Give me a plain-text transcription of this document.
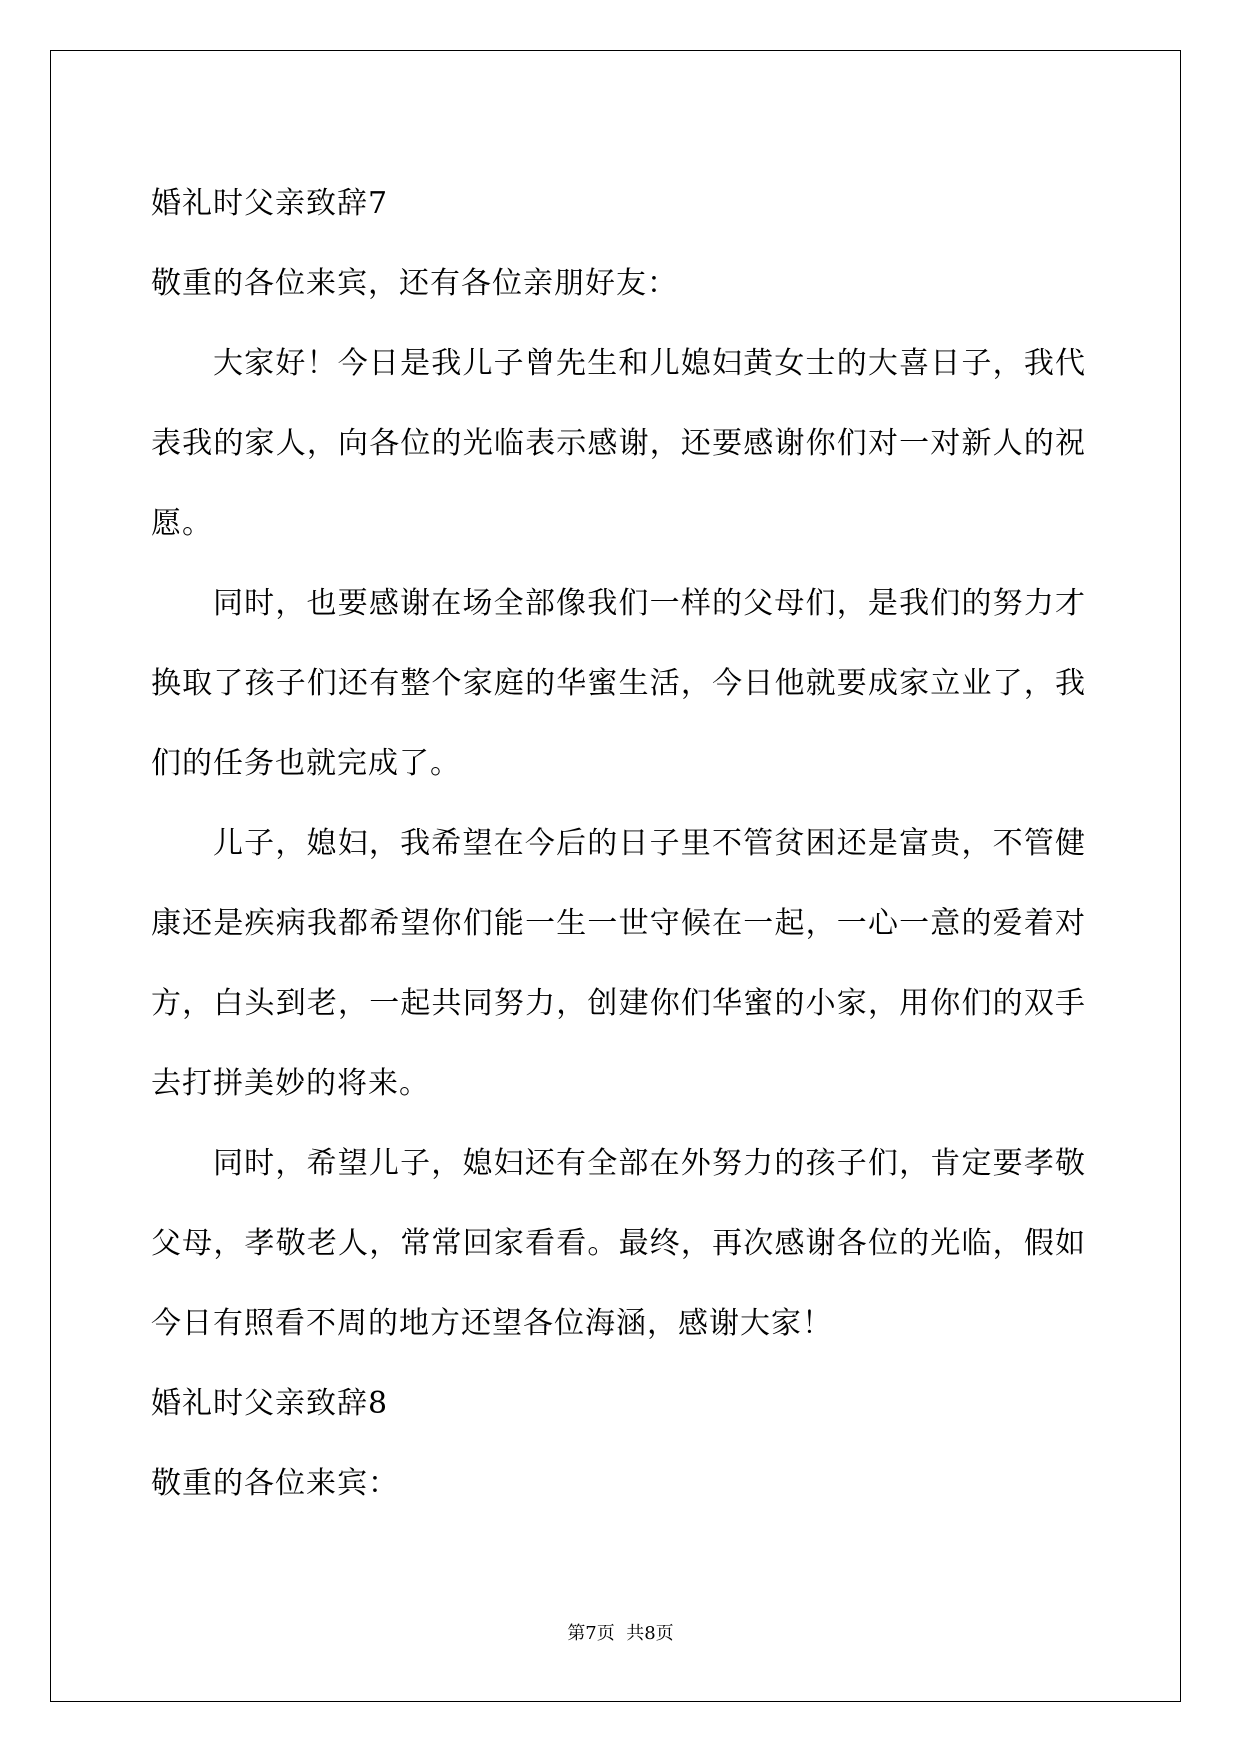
婚礼时父亲致辞7
敬重的各位来宾，还有各位亲朋好友：

大家好！今日是我儿子曾先生和儿媳妇黄女士的大喜日子，我代表我的家人，向各位的光临表示感谢，还要感谢你们对一对新人的祝愿。

同时，也要感谢在场全部像我们一样的父母们，是我们的努力才换取了孩子们还有整个家庭的华蜜生活，今日他就要成家立业了，我们的任务也就完成了。

儿子，媳妇，我希望在今后的日子里不管贫困还是富贵，不管健康还是疾病我都希望你们能一生一世守候在一起，一心一意的爱着对方，白头到老，一起共同努力，创建你们华蜜的小家，用你们的双手去打拼美妙的将来。

同时，希望儿子，媳妇还有全部在外努力的孩子们，肯定要孝敬父母，孝敬老人，常常回家看看。最终，再次感谢各位的光临，假如今日有照看不周的地方还望各位海涵，感谢大家！

婚礼时父亲致辞8
敬重的各位来宾：
第7页  共8页
